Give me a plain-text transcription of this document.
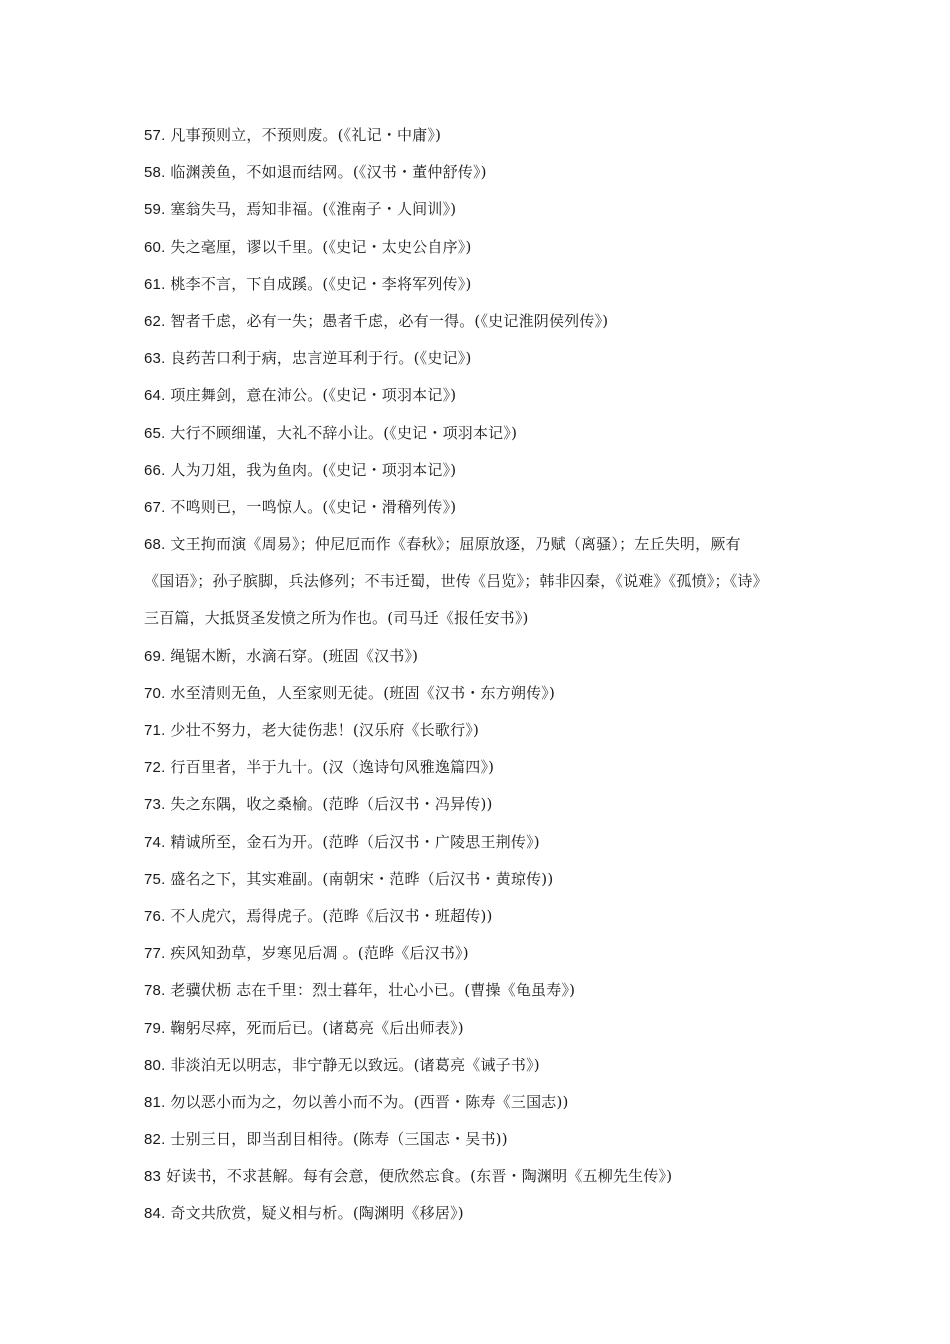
57. 凡事预则立，不预则废。(《礼记・中庸》)
58. 临渊羡鱼，不如退而结网。(《汉书・董仲舒传》)
59. 塞翁失马，焉知非福。(《淮南子・人间训》)
60. 失之毫厘，谬以千里。(《史记・太史公自序》)
61. 桃李不言，下自成蹊。(《史记・李将军列传》)
62. 智者千虑，必有一失；愚者千虑，必有一得。(《史记淮阴侯列传》)
63. 良药苦口利于病，忠言逆耳利于行。(《史记》)
64. 项庄舞剑，意在沛公。(《史记・项羽本记》)
65. 大行不顾细谨，大礼不辞小让。(《史记・项羽本记》)
66. 人为刀俎，我为鱼肉。(《史记・项羽本记》)
67. 不鸣则已，一鸣惊人。(《史记・滑稽列传》)
68. 文王拘而演《周易》；仲尼厄而作《春秋》；屈原放逐，乃赋（离骚）；左丘失明，厥有
《国语》；孙子膑脚，兵法修列；不韦迁蜀，世传《吕览》；韩非囚秦，《说难》《孤愤》；《诗》
三百篇，大抵贤圣发愤之所为作也。(司马迁《报任安书》)
69. 绳锯木断，水滴石穿。(班固《汉书》)
70. 水至清则无鱼，人至家则无徒。(班固《汉书・东方朔传》)
71. 少壮不努力，老大徒伤悲！(汉乐府《长歌行》)
72. 行百里者，半于九十。(汉（逸诗句风雅逸篇四》)
73. 失之东隅，收之桑榆。(范晔（后汉书・冯异传))
74. 精诚所至，金石为开。(范晔（后汉书・广陵思王荆传》)
75. 盛名之下，其实难副。(南朝宋・范晔（后汉书・黄琼传))
76. 不人虎穴，焉得虎子。(范晔《后汉书・班超传))
77. 疾风知劲草，岁寒见后凋 。(范晔《后汉书》)
78. 老骥伏枥 志在千里：烈士暮年，壮心小已。(曹操《龟虽寿》)
79. 鞠躬尽瘁，死而后已。(诸葛亮《后出师表》)
80. 非淡泊无以明志，非宁静无以致远。(诸葛亮《诫子书》)
81. 勿以恶小而为之，勿以善小而不为。(西晋・陈寿《三国志))
82. 士别三日，即当刮目相待。(陈寿（三国志・吴书))
83 好读书，不求甚解。每有会意，便欣然忘食。(东晋・陶渊明《五柳先生传》)
84. 奇文共欣赏，疑义相与析。(陶渊明《移居》)
